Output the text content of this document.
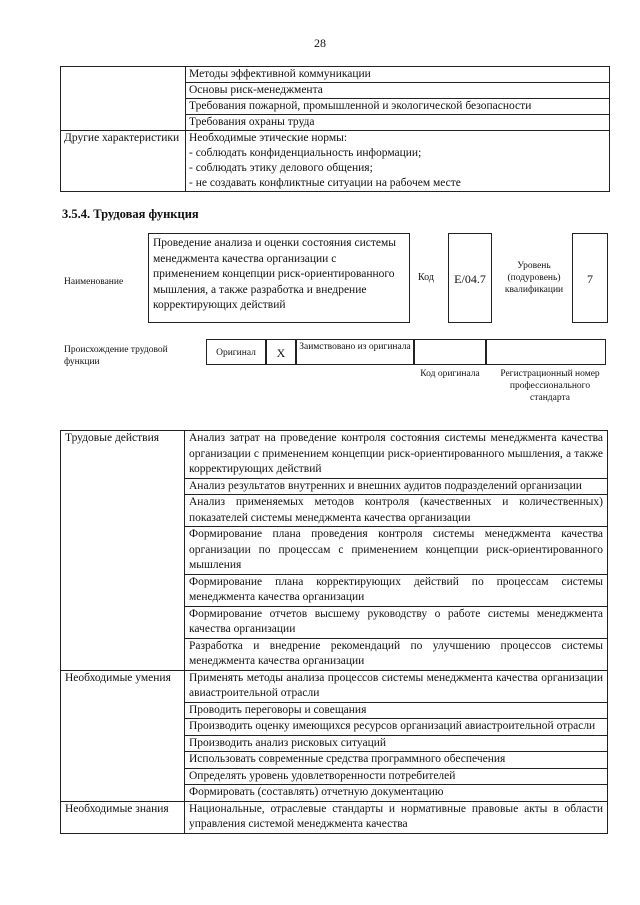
28
	Методы эффективной коммуникации
	Основы риск-менеджмента
	Требования пожарной, промышленной и экологической безопасности
	Требования охраны труда
Другие характеристики	Необходимые этические нормы:
- соблюдать конфиденциальность информации;
- соблюдать этику делового общения;
- не создавать конфликтные ситуации на рабочем месте
3.5.4. Трудовая функция
Наименование
Проведение анализа и оценки состояния системы менеджмента качества организации с применением концепции риск-ориентированного мышления, а также разработка и внедрение корректирующих действий
Код	E/04.7
Уровень (подуровень) квалификации
7
Происхождение трудовой функции
Оригинал	X	Заимствовано из оригинала
Код оригинала	Регистрационный номер профессионального стандарта
Трудовые действия	Анализ затрат на проведение контроля состояния системы менеджмента качества организации с применением концепции риск-ориентированного мышления, а также корректирующих действий
	Анализ результатов внутренних и внешних аудитов подразделений организации
	Анализ применяемых методов контроля (качественных и количественных) показателей системы менеджмента качества организации
	Формирование плана проведения контроля системы менеджмента качества организации по процессам с применением концепции риск-ориентированного мышления
	Формирование плана корректирующих действий по процессам системы менеджмента качества организации
	Формирование отчетов высшему руководству о работе системы менеджмента качества организации
	Разработка и внедрение рекомендаций по улучшению процессов системы менеджмента качества организации
Необходимые умения	Применять методы анализа процессов системы менеджмента качества организации авиастроительной отрасли
	Проводить переговоры и совещания
	Производить оценку имеющихся ресурсов организаций авиастроительной отрасли
	Производить анализ рисковых ситуаций
	Использовать современные средства программного обеспечения
	Определять уровень удовлетворенности потребителей
	Формировать (составлять) отчетную документацию
Необходимые знания	Национальные, отраслевые стандарты и нормативные правовые акты в области управления системой менеджмента качества
